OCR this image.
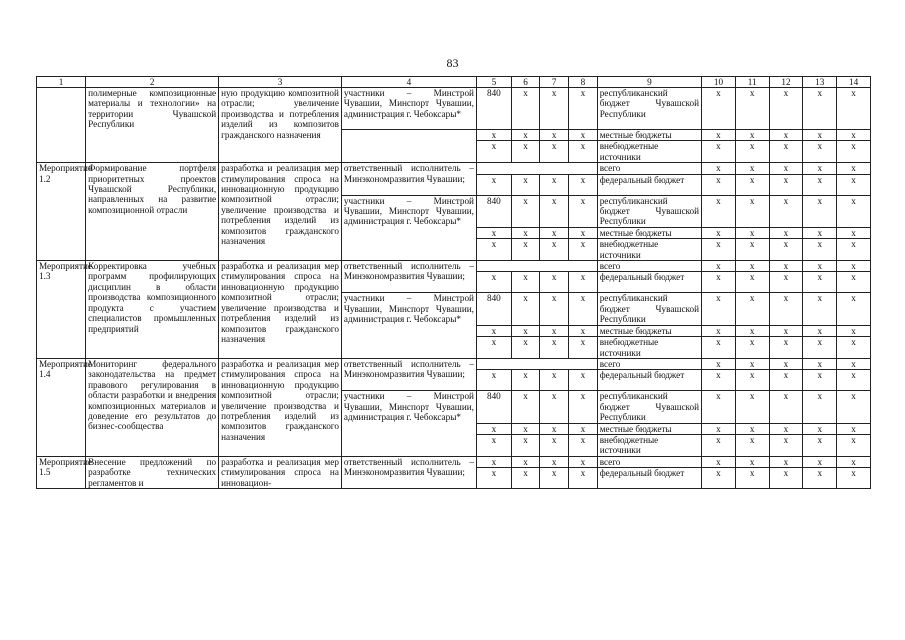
83
1	2	3	4	5	6	7	8	9	10	11	12	13	14
	полимерные композиционные материалы и технологии» на территории Чувашской Республики	ную продукцию композитной отрасли; увеличение производства и потребления изделий из композитов гражданского назначения	участники – Минстрой Чувашии, Минспорт Чувашии, администрация г. Чебоксары*	840	x	x	x	республиканский бюджет Чувашской Республики	x	x	x	x	x
				x	x	x	x	местные бюджеты	x	x	x	x	x
				x	x	x	x	внебюджетные источники	x	x	x	x	x
Мероприятие 1.2	Формирование портфеля приоритетных проектов Чувашской Республики, направленных на развитие композиционной отрасли	разработка и реализация мер стимулирования спроса на инновационную продукцию композитной отрасли; увеличение производства и потребления изделий из композитов гражданского назначения	ответственный исполнитель – Минэкономразвития Чувашии;					всего	x	x	x	x	x
				x	x	x	x	федеральный бюджет	x	x	x	x	x
			участники – Минстрой Чувашии, Минспорт Чувашии, администрация г. Чебоксары*	840	x	x	x	республиканский бюджет Чувашской Республики	x	x	x	x	x
				x	x	x	x	местные бюджеты	x	x	x	x	x
				x	x	x	x	внебюджетные источники	x	x	x	x	x
Мероприятие 1.3	Корректировка учебных программ профилирующих дисциплин в области производства композиционного продукта с участием специалистов промышленных предприятий	разработка и реализация мер стимулирования спроса на инновационную продукцию композитной отрасли; увеличение производства и потребления изделий из композитов гражданского назначения	ответственный исполнитель – Минэкономразвития Чувашии;					всего	x	x	x	x	x
				x	x	x	x	федеральный бюджет	x	x	x	x	x
			участники – Минстрой Чувашии, Минспорт Чувашии, администрация г. Чебоксары*	840	x	x	x	республиканский бюджет Чувашской Республики	x	x	x	x	x
				x	x	x	x	местные бюджеты	x	x	x	x	x
				x	x	x	x	внебюджетные источники	x	x	x	x	x
Мероприятие 1.4	Мониторинг федерального законодательства на предмет правового регулирования в области разработки и внедрения композиционных материалов и доведение его результатов до бизнес-сообщества	разработка и реализация мер стимулирования спроса на инновационную продукцию композитной отрасли; увеличение производства и потребления изделий из композитов гражданского назначения	ответственный исполнитель – Минэкономразвития Чувашии;					всего	x	x	x	x	x
				x	x	x	x	федеральный бюджет	x	x	x	x	x
			участники – Минстрой Чувашии, Минспорт Чувашии, администрация г. Чебоксары*	840	x	x	x	республиканский бюджет Чувашской Республики	x	x	x	x	x
				x	x	x	x	местные бюджеты	x	x	x	x	x
				x	x	x	x	внебюджетные источники	x	x	x	x	x
Мероприятие 1.5	Внесение предложений по разработке технических регламентов и	разработка и реализация мер стимулирования спроса на инновацион-	ответственный исполнитель – Минэкономразвития Чувашии;	x	x	x	x	всего	x	x	x	x	x
				x	x	x	x	федеральный бюджет	x	x	x	x	x
